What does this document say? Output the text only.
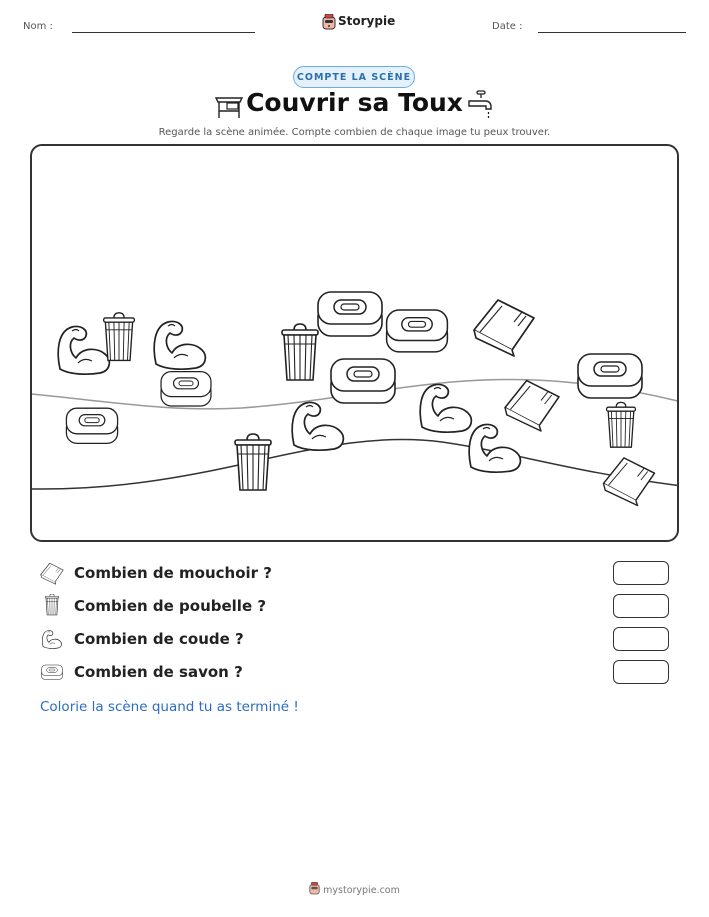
Nom :	Storypie	Date :
COMPTE LA SCÈNE
Couvrir sa Toux
Regarde la scène animée. Compte combien de chaque image tu peux trouver.
Combien de mouchoir ?
Combien de poubelle ?
Combien de coude ?
Combien de savon ?
Colorie la scène quand tu as terminé !
mystorypie.com
